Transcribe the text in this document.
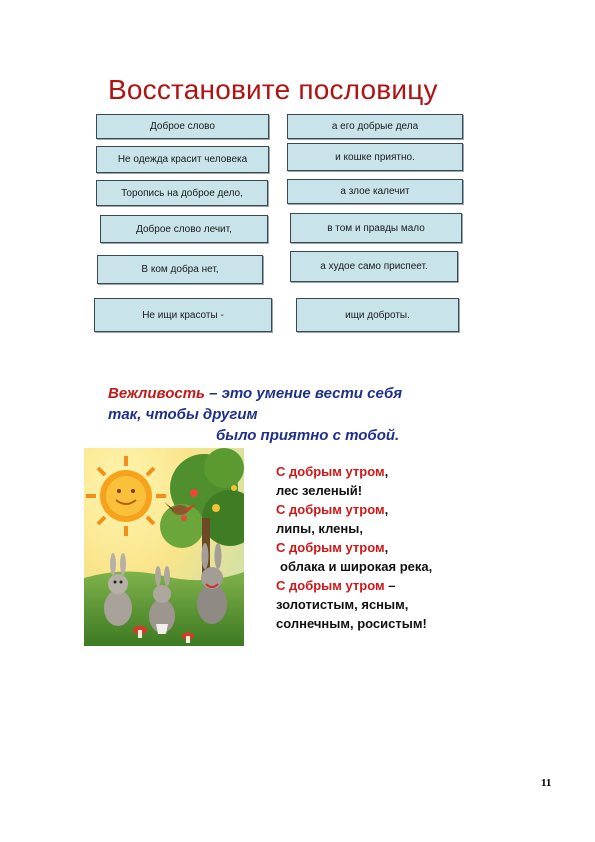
Восстановите пословицу
Доброе слово
Не одежда красит человека
Торопись на доброе дело,
Доброе слово лечит,
В ком добра нет,
Не ищи красоты -
а его добрые дела
и кошке приятно.
а злое калечит
в том и правды мало
а худое само приспеет.
ищи доброты.
Вежливость – это умение вести себя
так, чтобы другим
было приятно с тобой.
С добрым утром,
лес зеленый!
С добрым утром,
липы, клены,
С добрым утром,
облака и широкая река,
С добрым утром –
золотистым, ясным,
солнечным, росистым!
11
